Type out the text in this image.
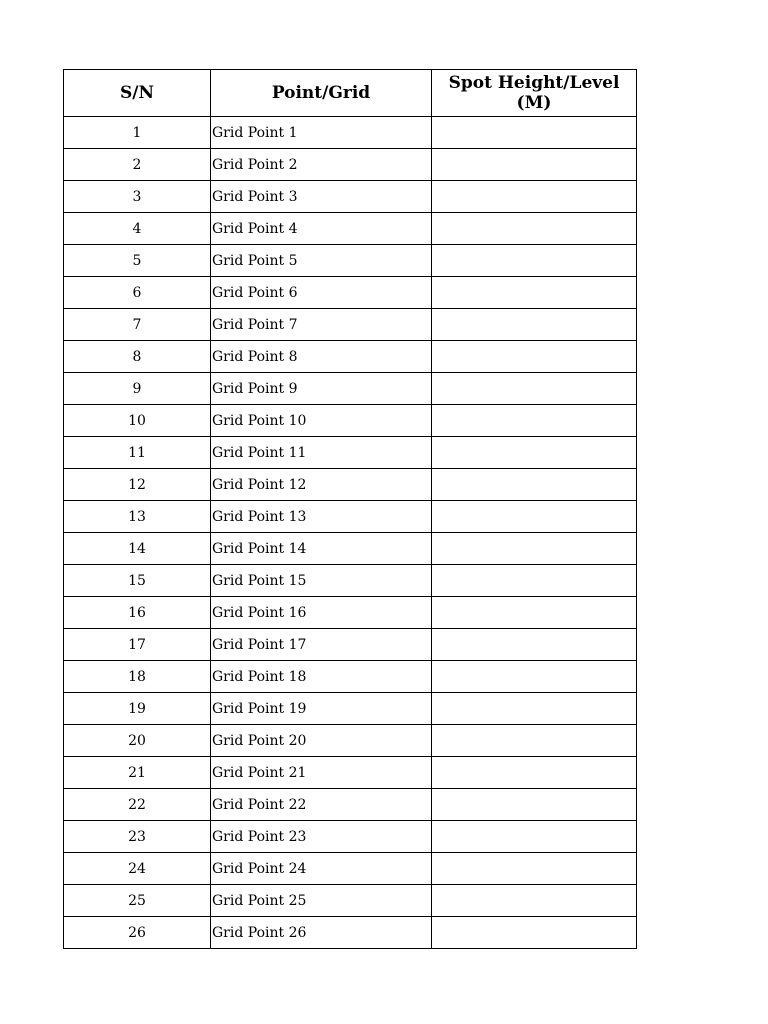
S/N	Point/Grid	Spot Height/Level (M)
1	Grid Point 1	
2	Grid Point 2	
3	Grid Point 3	
4	Grid Point 4	
5	Grid Point 5	
6	Grid Point 6	
7	Grid Point 7	
8	Grid Point 8	
9	Grid Point 9	
10	Grid Point 10	
11	Grid Point 11	
12	Grid Point 12	
13	Grid Point 13	
14	Grid Point 14	
15	Grid Point 15	
16	Grid Point 16	
17	Grid Point 17	
18	Grid Point 18	
19	Grid Point 19	
20	Grid Point 20	
21	Grid Point 21	
22	Grid Point 22	
23	Grid Point 23	
24	Grid Point 24	
25	Grid Point 25	
26	Grid Point 26	
